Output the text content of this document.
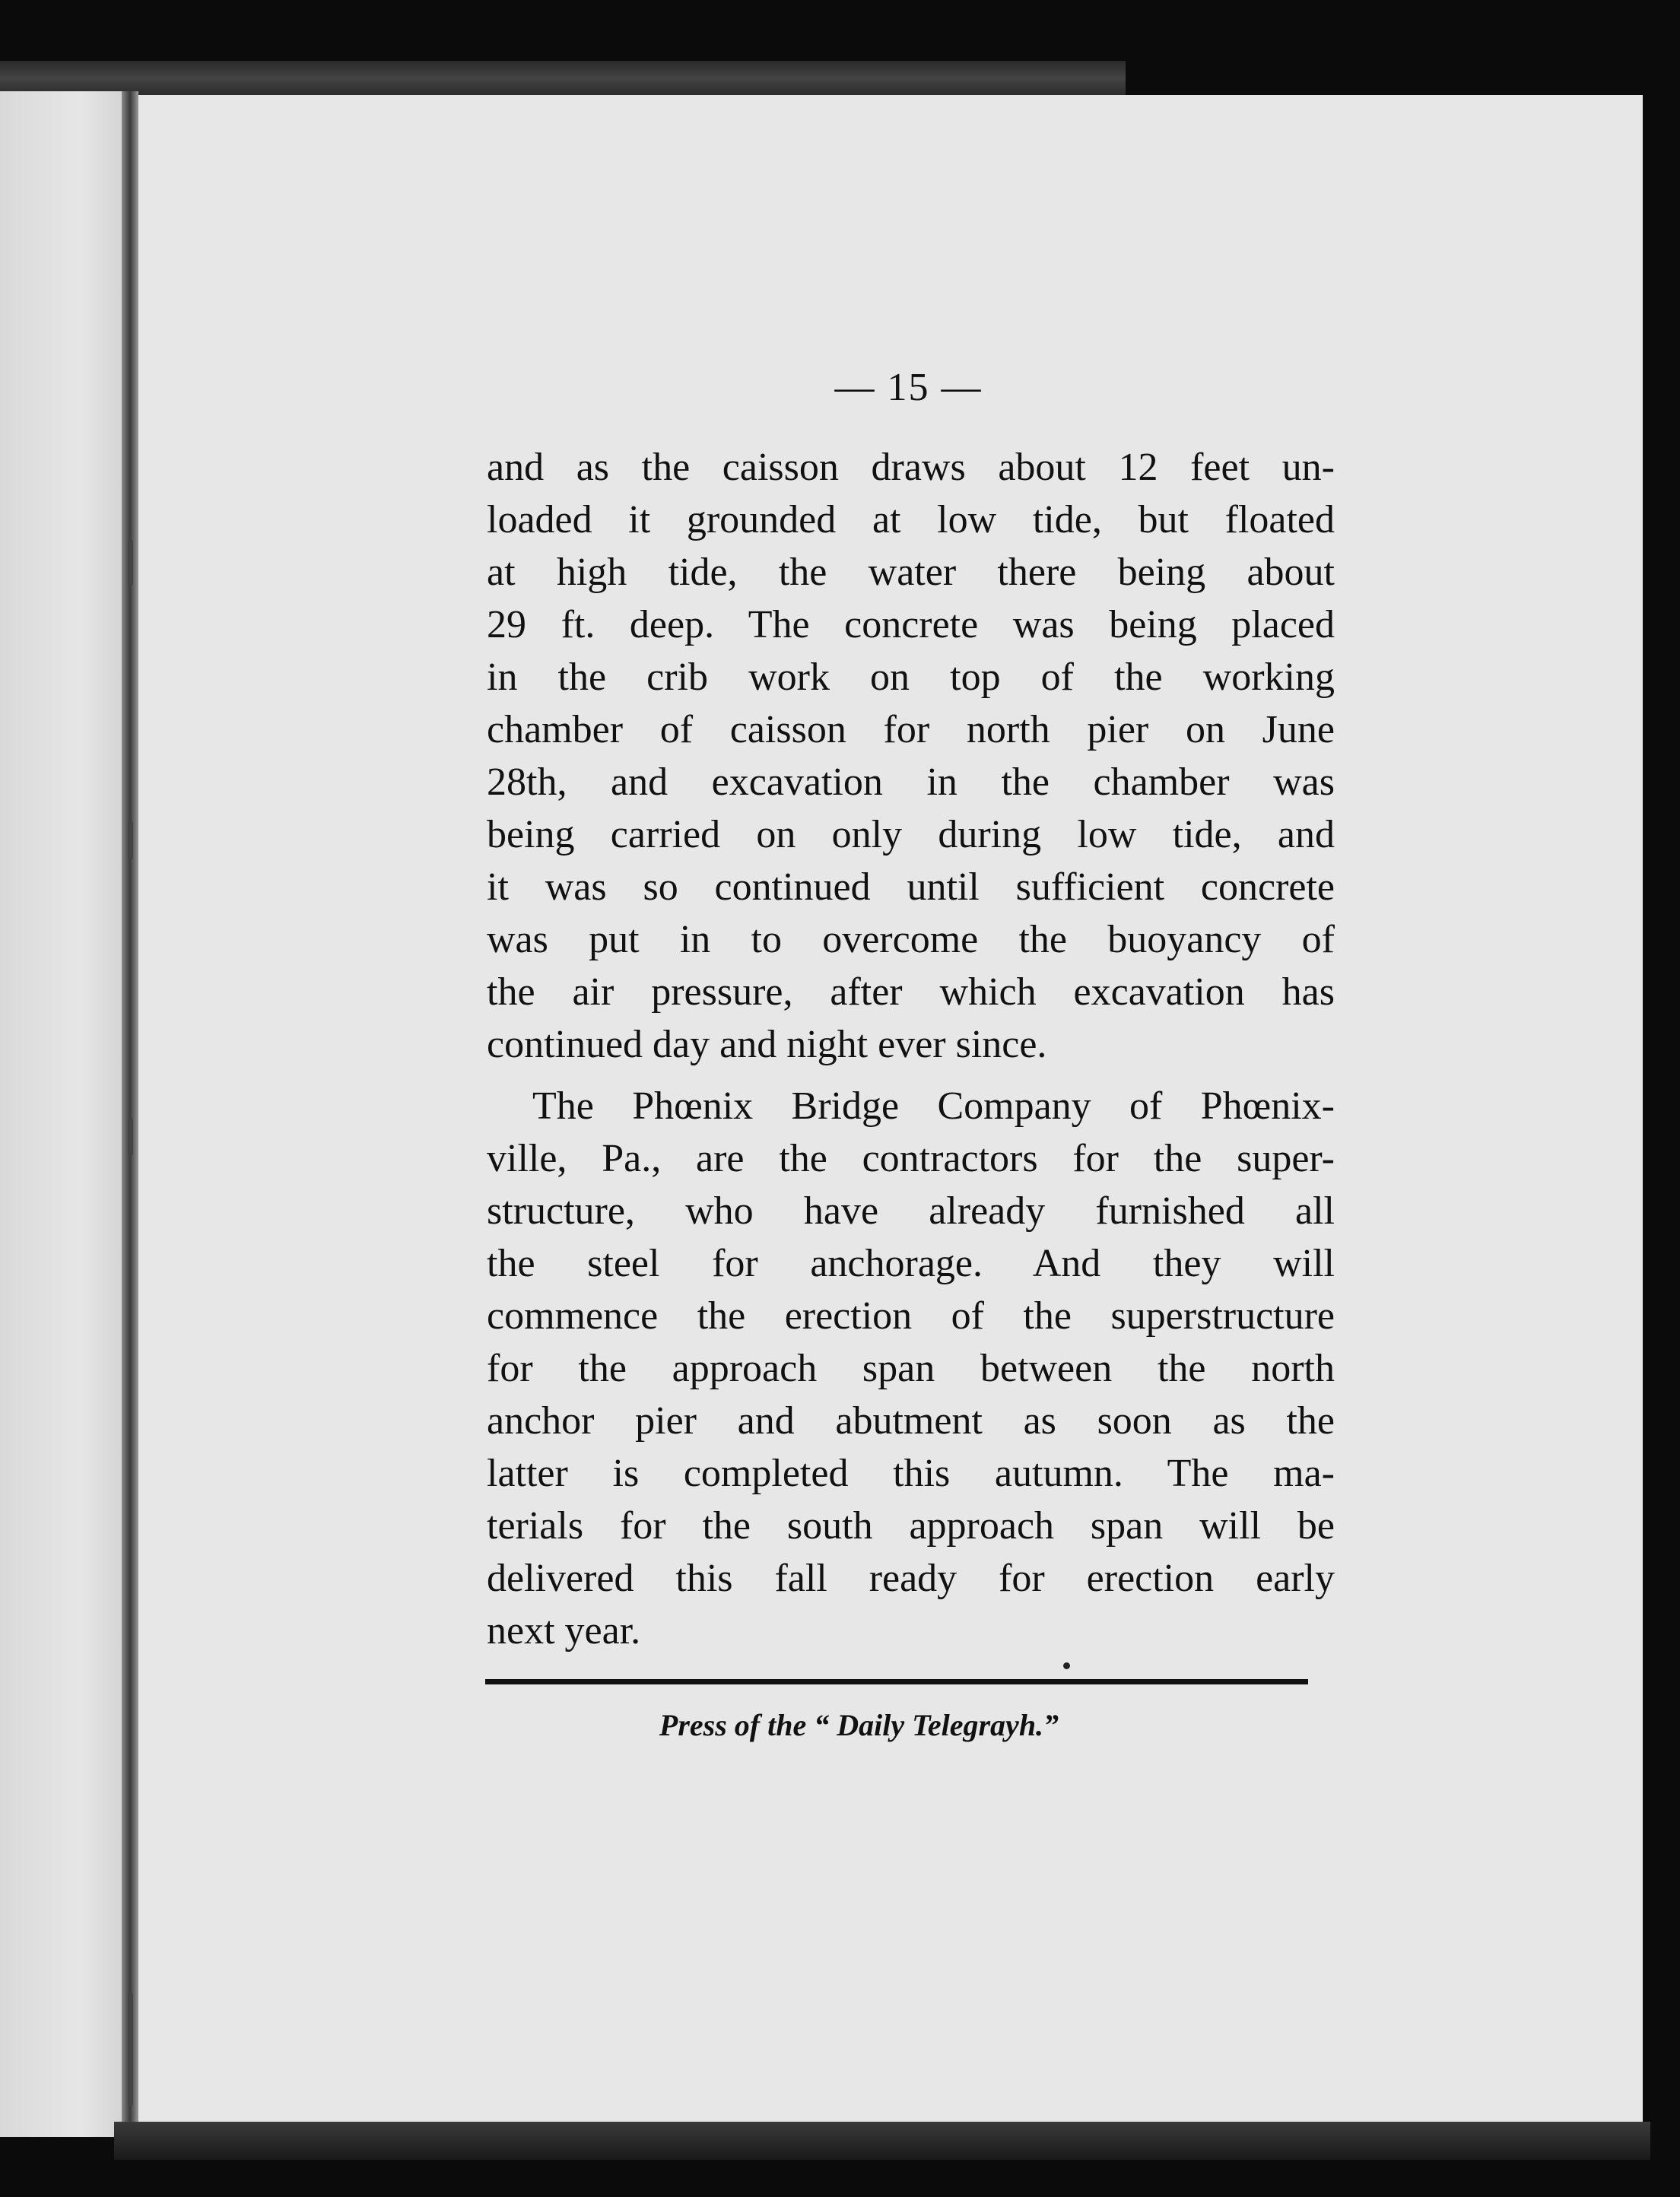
— 15 —
and as the caisson draws about 12 feet un-
loaded it grounded at low tide, but floated
at high tide, the water there being about
29 ft. deep. The concrete was being placed
in the crib work on top of the working
chamber of caisson for north pier on June
28th, and excavation in the chamber was
being carried on only during low tide, and
it was so continued until sufficient concrete
was put in to overcome the buoyancy of
the air pressure, after which excavation has
continued day and night ever since.
The Phœnix Bridge Company of Phœnix-
ville, Pa., are the contractors for the super-
structure, who have already furnished all
the steel for anchorage. And they will
commence the erection of the superstructure
for the approach span between the north
anchor pier and abutment as soon as the
latter is completed this autumn. The ma-
terials for the south approach span will be
delivered this fall ready for erection early
next year.
Press of the “ Daily Telegrayh.”
